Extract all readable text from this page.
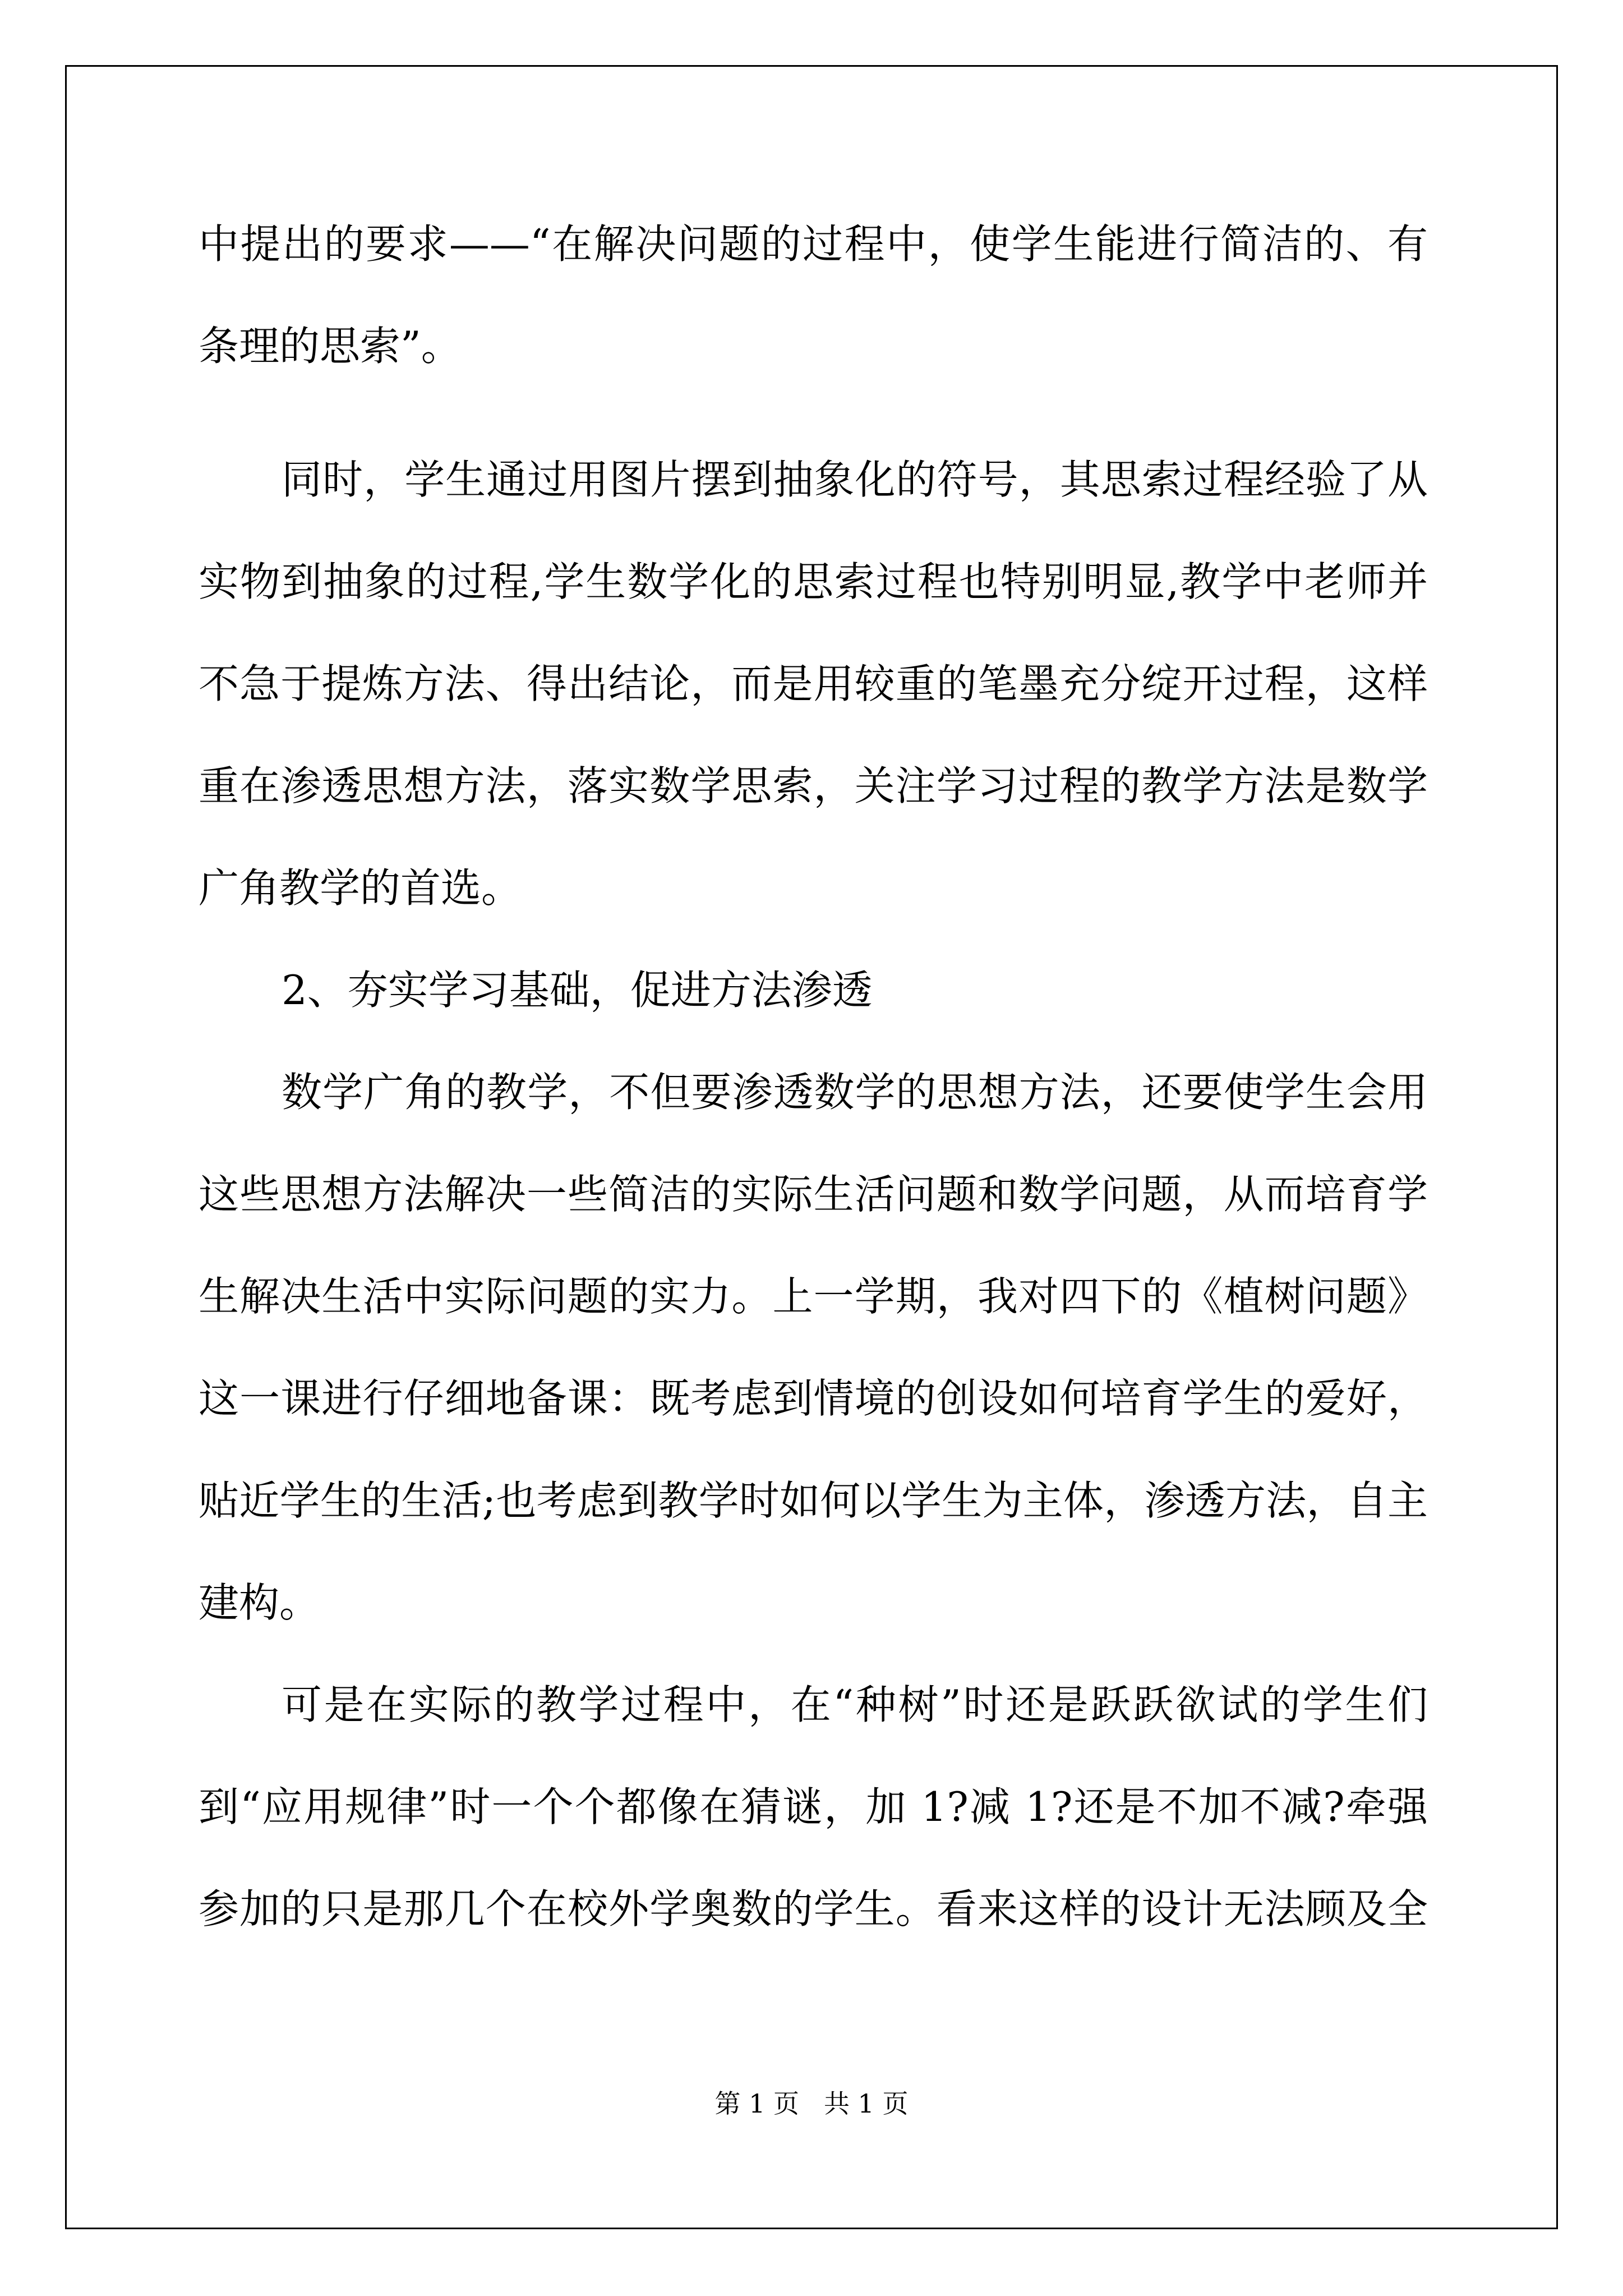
中提出的要求——“在解决问题的过程中，使学生能进行简洁的、有
条理的思索”。
同时，学生通过用图片摆到抽象化的符号，其思索过程经验了从
实物到抽象的过程,学生数学化的思索过程也特别明显,教学中老师并
不急于提炼方法、得出结论，而是用较重的笔墨充分绽开过程，这样
重在渗透思想方法，落实数学思索，关注学习过程的教学方法是数学
广角教学的首选。
2、夯实学习基础，促进方法渗透
数学广角的教学，不但要渗透数学的思想方法，还要使学生会用
这些思想方法解决一些简洁的实际生活问题和数学问题，从而培育学
生解决生活中实际问题的实力。上一学期，我对四下的《植树问题》
这一课进行仔细地备课：既考虑到情境的创设如何培育学生的爱好，
贴近学生的生活;也考虑到教学时如何以学生为主体，渗透方法，自主
建构。
可是在实际的教学过程中，在“种树”时还是跃跃欲试的学生们
到“应用规律”时一个个都像在猜谜，加 1?减 1?还是不加不减?牵强
参加的只是那几个在校外学奥数的学生。看来这样的设计无法顾及全
第 1 页 共 1 页
